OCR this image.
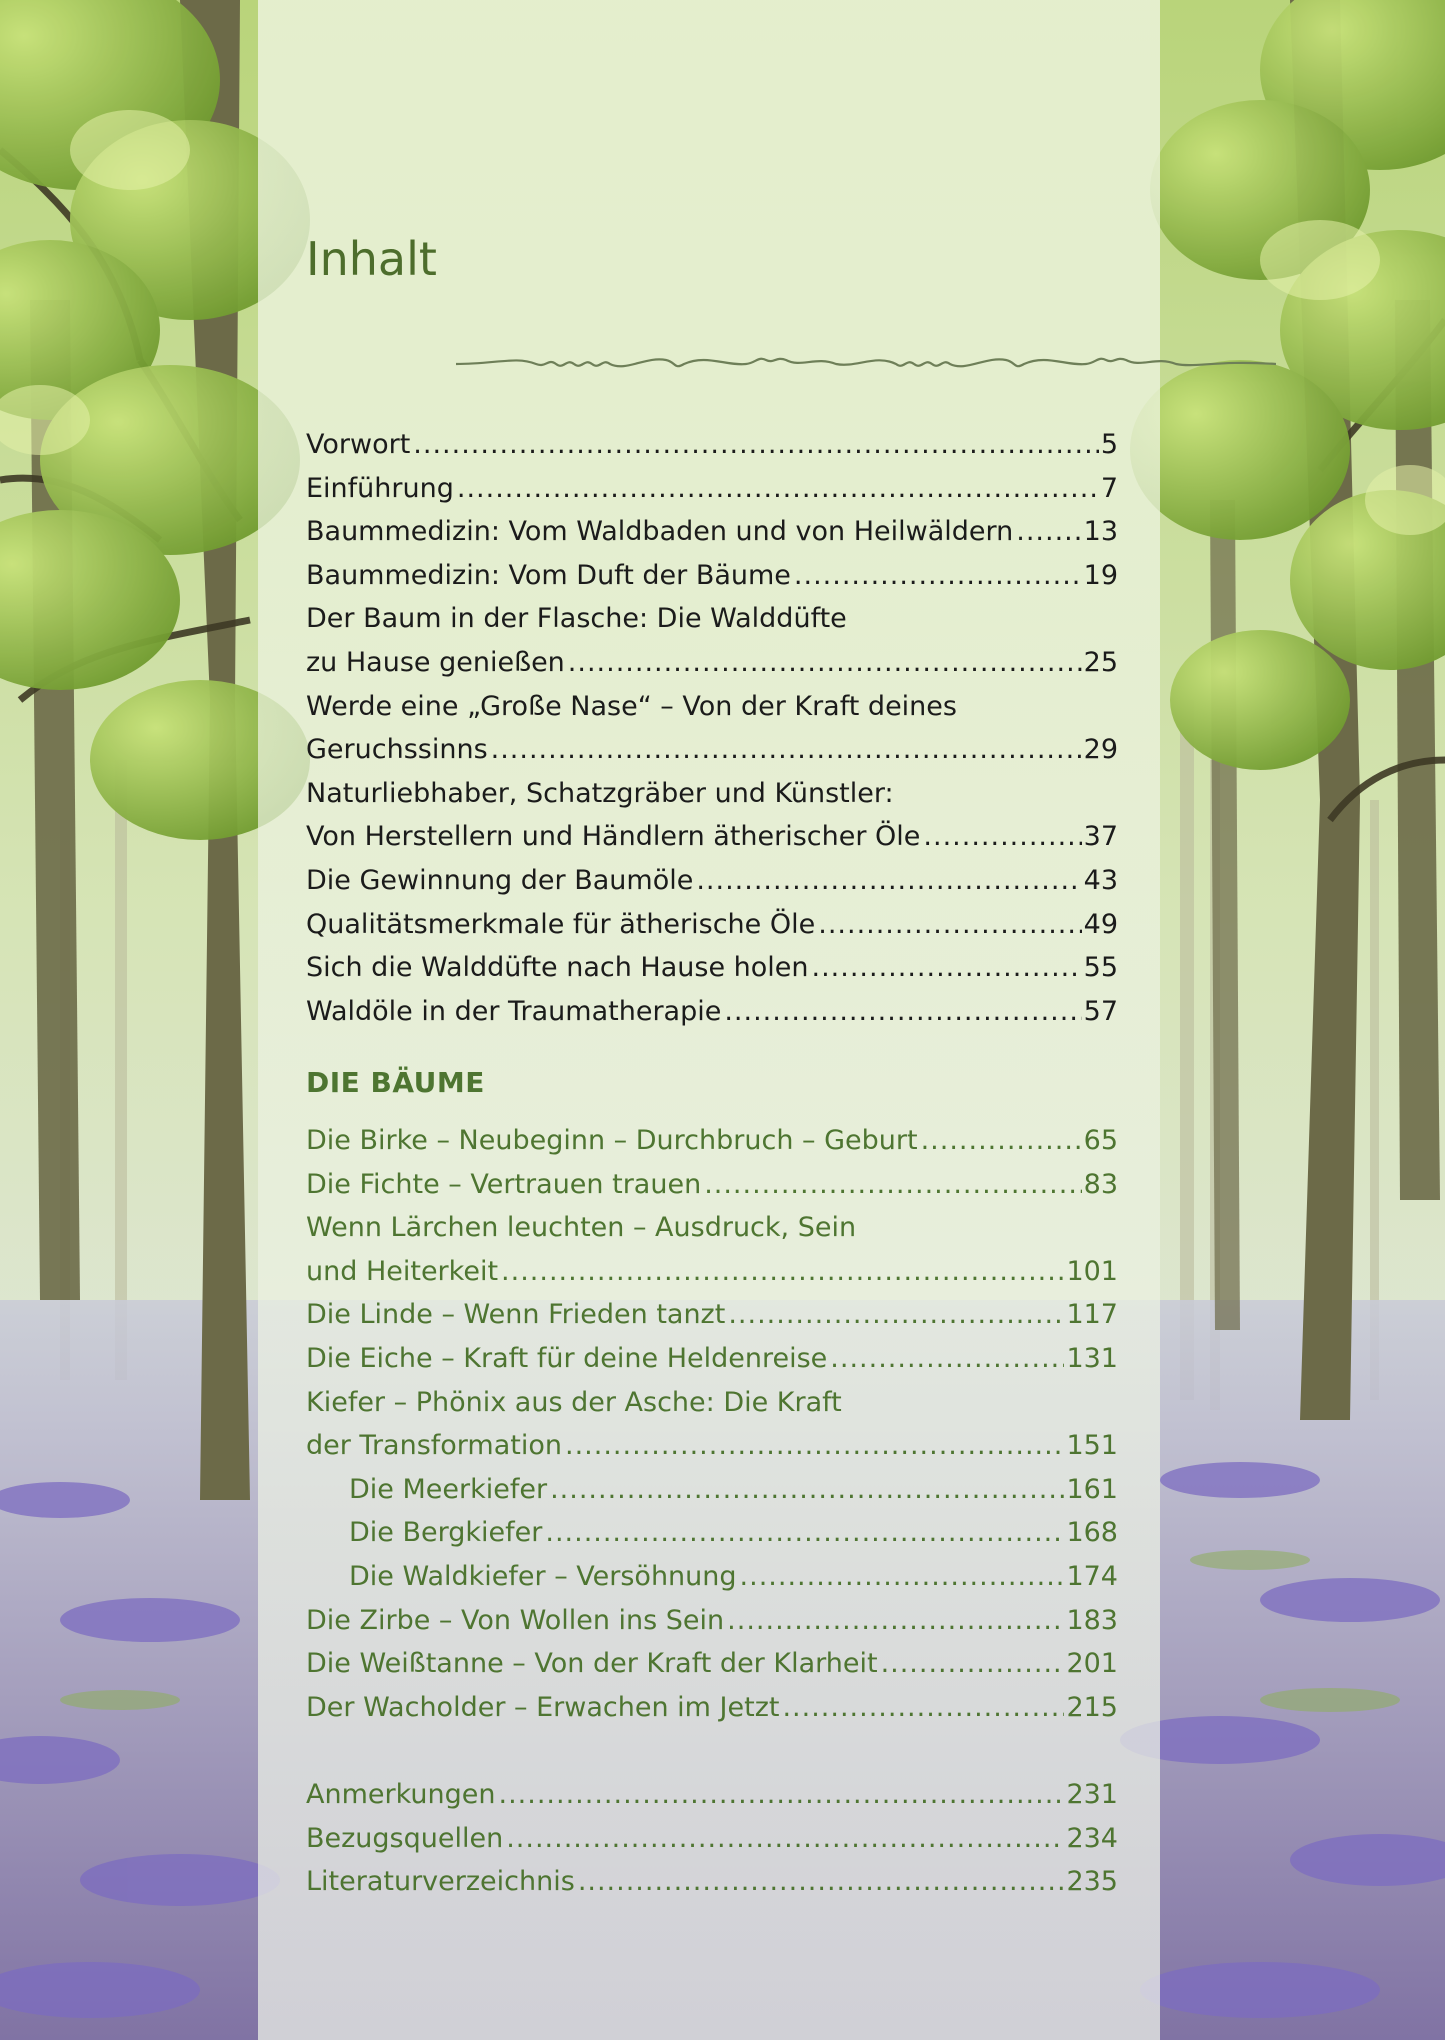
Inhalt
Vorwort .....	5
Einführung .....	7
Baummedizin: Vom Waldbaden und von Heilwäldern .....	13
Baummedizin: Vom Duft der Bäume .....	19
Der Baum in der Flasche: Die Walddüfte
zu Hause genießen .....	25
Werde eine „Große Nase“ – Von der Kraft deines
Geruchssinns .....	29
Naturliebhaber, Schatzgräber und Künstler:
Von Herstellern und Händlern ätherischer Öle .....	37
Die Gewinnung der Baumöle .....	43
Qualitätsmerkmale für ätherische Öle .....	49
Sich die Walddüfte nach Hause holen .....	55
Waldöle in der Traumatherapie .....	57
DIE BÄUME
Die Birke – Neubeginn – Durchbruch – Geburt .....	65
Die Fichte – Vertrauen trauen .....	83
Wenn Lärchen leuchten – Ausdruck, Sein
und Heiterkeit .....	101
Die Linde – Wenn Frieden tanzt .....	117
Die Eiche – Kraft für deine Heldenreise .....	131
Kiefer – Phönix aus der Asche: Die Kraft
der Transformation .....	151
Die Meerkiefer .....	161
Die Bergkiefer .....	168
Die Waldkiefer – Versöhnung .....	174
Die Zirbe – Von Wollen ins Sein .....	183
Die Weißtanne – Von der Kraft der Klarheit .....	201
Der Wacholder – Erwachen im Jetzt .....	215
Anmerkungen .....	231
Bezugsquellen .....	234
Literaturverzeichnis .....	235
